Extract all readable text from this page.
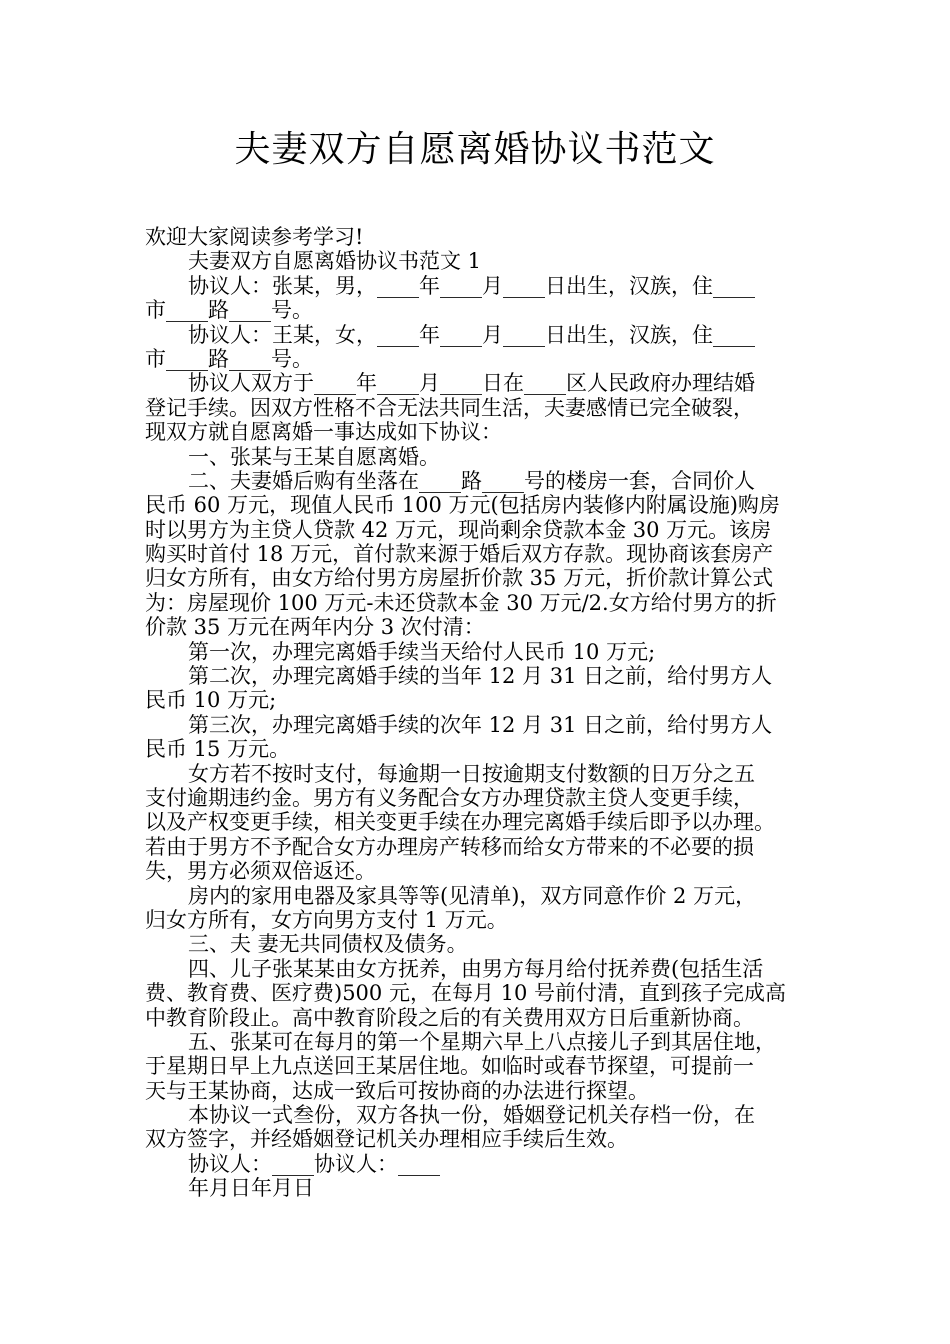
夫妻双方自愿离婚协议书范文
欢迎大家阅读参考学习!
夫妻双方自愿离婚协议书范文 1
协议人：张某，男，____年____月____日出生，汉族，住____
市____路____号。
协议人：王某，女，____年____月____日出生，汉族，住____
市____路____号。
协议人双方于____年____月____日在____区人民政府办理结婚
登记手续。因双方性格不合无法共同生活，夫妻感情已完全破裂，
现双方就自愿离婚一事达成如下协议：
一、张某与王某自愿离婚。
二、夫妻婚后购有坐落在____路____号的楼房一套，合同价人
民币 60 万元，现值人民币 100 万元(包括房内装修内附属设施)购房
时以男方为主贷人贷款 42 万元，现尚剩余贷款本金 30 万元。该房
购买时首付 18 万元，首付款来源于婚后双方存款。现协商该套房产
归女方所有，由女方给付男方房屋折价款 35 万元，折价款计算公式
为：房屋现价 100 万元-未还贷款本金 30 万元/2.女方给付男方的折
价款 35 万元在两年内分 3 次付清：
第一次，办理完离婚手续当天给付人民币 10 万元;
第二次，办理完离婚手续的当年 12 月 31 日之前，给付男方人
民币 10 万元;
第三次，办理完离婚手续的次年 12 月 31 日之前，给付男方人
民币 15 万元。
女方若不按时支付，每逾期一日按逾期支付数额的日万分之五
支付逾期违约金。男方有义务配合女方办理贷款主贷人变更手续，
以及产权变更手续，相关变更手续在办理完离婚手续后即予以办理。
若由于男方不予配合女方办理房产转移而给女方带来的不必要的损
失，男方必须双倍返还。
房内的家用电器及家具等等(见清单)，双方同意作价 2 万元，
归女方所有，女方向男方支付 1 万元。
三、夫 妻无共同债权及债务。
四、儿子张某某由女方抚养，由男方每月给付抚养费(包括生活
费、教育费、医疗费)500 元，在每月 10 号前付清，直到孩子完成高
中教育阶段止。高中教育阶段之后的有关费用双方日后重新协商。
五、张某可在每月的第一个星期六早上八点接儿子到其居住地，
于星期日早上九点送回王某居住地。如临时或春节探望，可提前一
天与王某协商，达成一致后可按协商的办法进行探望。
本协议一式叁份，双方各执一份，婚姻登记机关存档一份，在
双方签字，并经婚姻登记机关办理相应手续后生效。
协议人：____协议人：____
年月日年月日
